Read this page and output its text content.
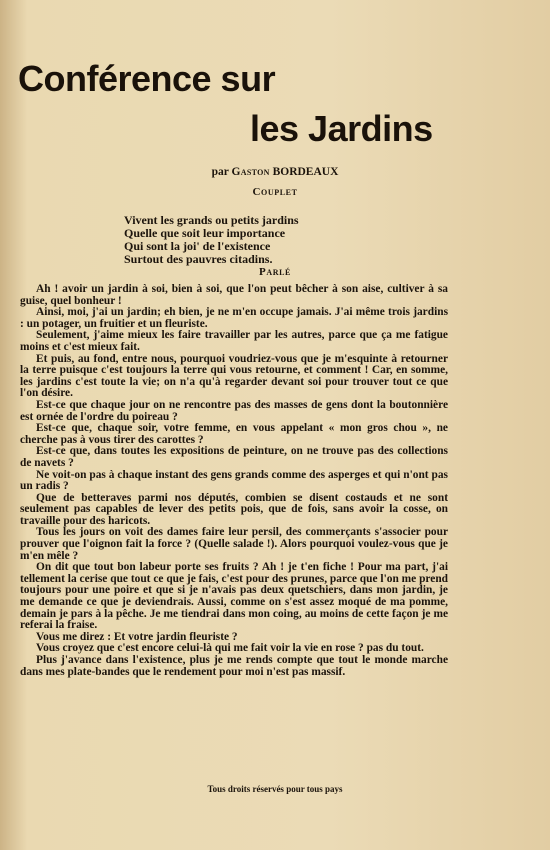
Conférence sur
les Jardins
par Gaston BORDEAUX
Couplet
Vivent les grands ou petits jardins
Quelle que soit leur importance
Qui sont la joi' de l'existence
Surtout des pauvres citadins.
Parlé

Ah ! avoir un jardin à soi, bien à soi, que l'on peut bêcher à son aise, cultiver à sa guise, quel bonheur !

Ainsi, moi, j'ai un jardin; eh bien, je ne m'en occupe jamais. J'ai même trois jardins : un potager, un fruitier et un fleuriste.

Seulement, j'aime mieux les faire travailler par les autres, parce que ça me fatigue moins et c'est mieux fait.

Et puis, au fond, entre nous, pourquoi voudriez-vous que je m'esquinte à retourner la terre puisque c'est toujours la terre qui vous retourne, et comment ! Car, en somme, les jardins c'est toute la vie; on n'a qu'à regarder devant soi pour trouver tout ce que l'on désire.

Est-ce que chaque jour on ne rencontre pas des masses de gens dont la boutonnière est ornée de l'ordre du poireau ?

Est-ce que, chaque soir, votre femme, en vous appelant « mon gros chou », ne cherche pas à vous tirer des carottes ?

Est-ce que, dans toutes les expositions de peinture, on ne trouve pas des collections de navets ?

Ne voit-on pas à chaque instant des gens grands comme des asperges et qui n'ont pas un radis ?

Que de betteraves parmi nos députés, combien se disent costauds et ne sont seulement pas capables de lever des petits pois, que de fois, sans avoir la cosse, on travaille pour des haricots.

Tous les jours on voit des dames faire leur persil, des commerçants s'associer pour prouver que l'oignon fait la force ? (Quelle salade !). Alors pourquoi voulez-vous que je m'en mêle ?

On dit que tout bon labeur porte ses fruits ? Ah ! je t'en fiche ! Pour ma part, j'ai tellement la cerise que tout ce que je fais, c'est pour des prunes, parce que l'on me prend toujours pour une poire et que si je n'avais pas deux quetschiers, dans mon jardin, je me demande ce que je deviendrais. Aussi, comme on s'est assez moqué de ma pomme, demain je pars à la pêche. Je me tiendrai dans mon coing, au moins de cette façon je me referai la fraise.

Vous me direz : Et votre jardin fleuriste ?

Vous croyez que c'est encore celui-là qui me fait voir la vie en rose ? pas du tout.

Plus j'avance dans l'existence, plus je me rends compte que tout le monde marche dans mes plate-bandes que le rendement pour moi n'est pas massif.

Tous droits réservés pour tous pays
